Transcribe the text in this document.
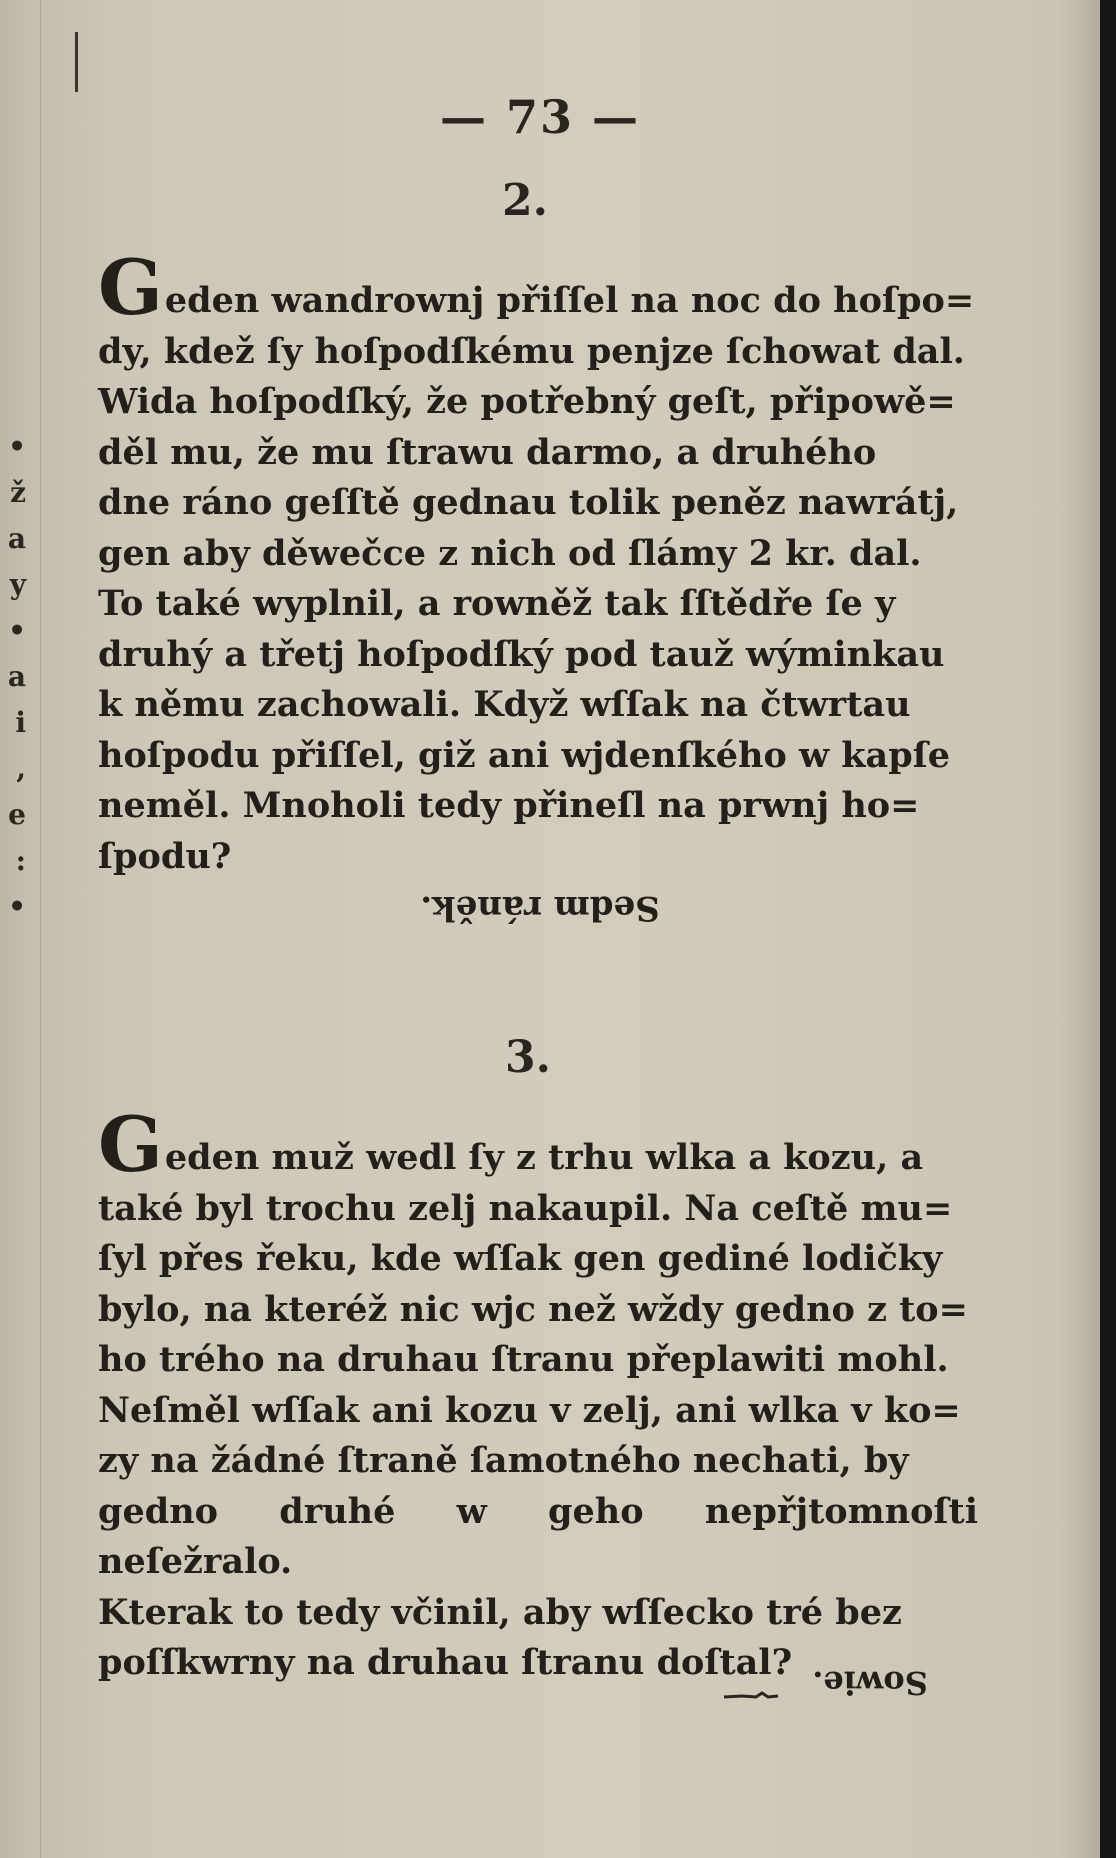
•
ž
a
y
•
a
i
,
e
:
•
— 73 —
2.

Geden wandrownj přiſſel na noc do hoſpo=
dy, kdež ſy hoſpodſkému penjze ſchowat dal.
Wida hoſpodſký, že potřebný geſt, připowě=
děl mu, že mu ſtrawu darmo, a druhého
dne ráno geſſtě gednau tolik peněz nawrátj,
gen aby děwečce z nich od ſlámy 2 kr. dal.
To také wyplnil, a rowněž tak ſſtědře ſe y
druhý a třetj hoſpodſký pod tauž wýminkau
k němu zachowali. Když wſſak na čtwrtau
hoſpodu přiſſel, giž ani wjdenſkého w kapſe
neměl. Mnoholi tedy přineſl na prwnj ho=
ſpodu?

Sedm ráněk.
3.

Geden muž wedl ſy z trhu wlka a kozu, a
také byl trochu zelj nakaupil. Na ceſtě mu=
ſyl přes řeku, kde wſſak gen gediné lodičky
bylo, na kteréž nic wjc než wždy gedno z to=
ho trého na druhau ſtranu přeplawiti mohl.
Neſměl wſſak ani kozu v zelj, ani wlka v ko=
zy na žádné ſtraně ſamotného nechati, by
gedno druhé w geho nepřjtomnoſti neſežralo.
Kterak to tedy včinil, aby wſſecko tré bez
poſſkwrny na druhau ſtranu doſtal? Sowie.
